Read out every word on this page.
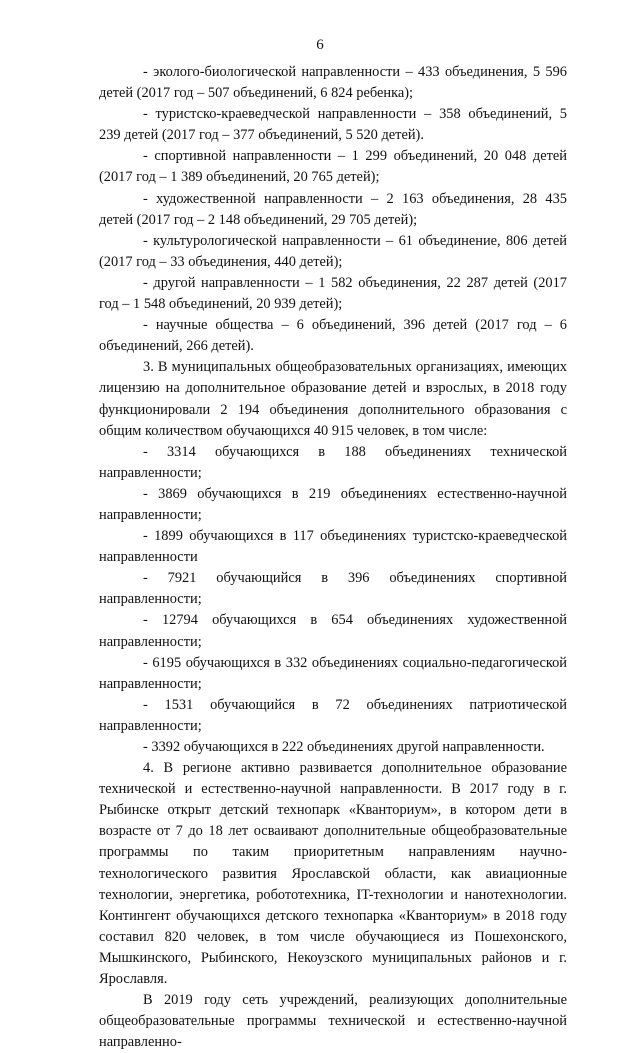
6

- эколого-биологической направленности – 433 объединения, 5 596 детей (2017 год – 507 объединений, 6 824 ребенка);

- туристско-краеведческой направленности – 358 объединений, 5 239 детей (2017 год – 377 объединений, 5 520 детей).

- спортивной направленности – 1 299 объединений, 20 048 детей (2017 год – 1 389 объединений, 20 765 детей);

- художественной направленности – 2 163 объединения, 28 435 детей (2017 год – 2 148 объединений, 29 705 детей);

- культурологической направленности – 61 объединение, 806 детей (2017 год – 33 объединения, 440 детей);

- другой направленности – 1 582 объединения, 22 287 детей (2017 год – 1 548 объединений, 20 939 детей);

- научные общества – 6 объединений, 396 детей (2017 год – 6 объединений, 266 детей).

3. В муниципальных общеобразовательных организациях, имеющих лицензию на дополнительное образование детей и взрослых, в 2018 году функционировали 2 194 объединения дополнительного образования с общим количеством обучающихся 40 915 человек, в том числе:

- 3314 обучающихся в 188 объединениях технической направленности;

- 3869 обучающихся в 219 объединениях естественно-научной направленности;

- 1899 обучающихся в 117 объединениях туристско-краеведческой направленности

- 7921 обучающийся в 396 объединениях спортивной направленности;

- 12794 обучающихся в 654 объединениях художественной направленности;

- 6195 обучающихся в 332 объединениях социально-педагогической направленности;

- 1531 обучающийся в 72 объединениях патриотической направленности;

- 3392 обучающихся в 222 объединениях другой направленности.

4. В регионе активно развивается дополнительное образование технической и естественно-научной направленности. В 2017 году в г. Рыбинске открыт детский технопарк «Кванториум», в котором дети в возрасте от 7 до 18 лет осваивают дополнительные общеобразовательные программы по таким приоритетным направлениям научно-технологического развития Ярославской области, как авиационные технологии, энергетика, робототехника, IT-технологии и нанотехнологии. Контингент обучающихся детского технопарка «Кванториум» в 2018 году составил 820 человек, в том числе обучающиеся из Пошехонского, Мышкинского, Рыбинского, Некоузского муниципальных районов и г. Ярославля.

В 2019 году сеть учреждений, реализующих дополнительные общеобразовательные программы технической и естественно-научной направленно-
